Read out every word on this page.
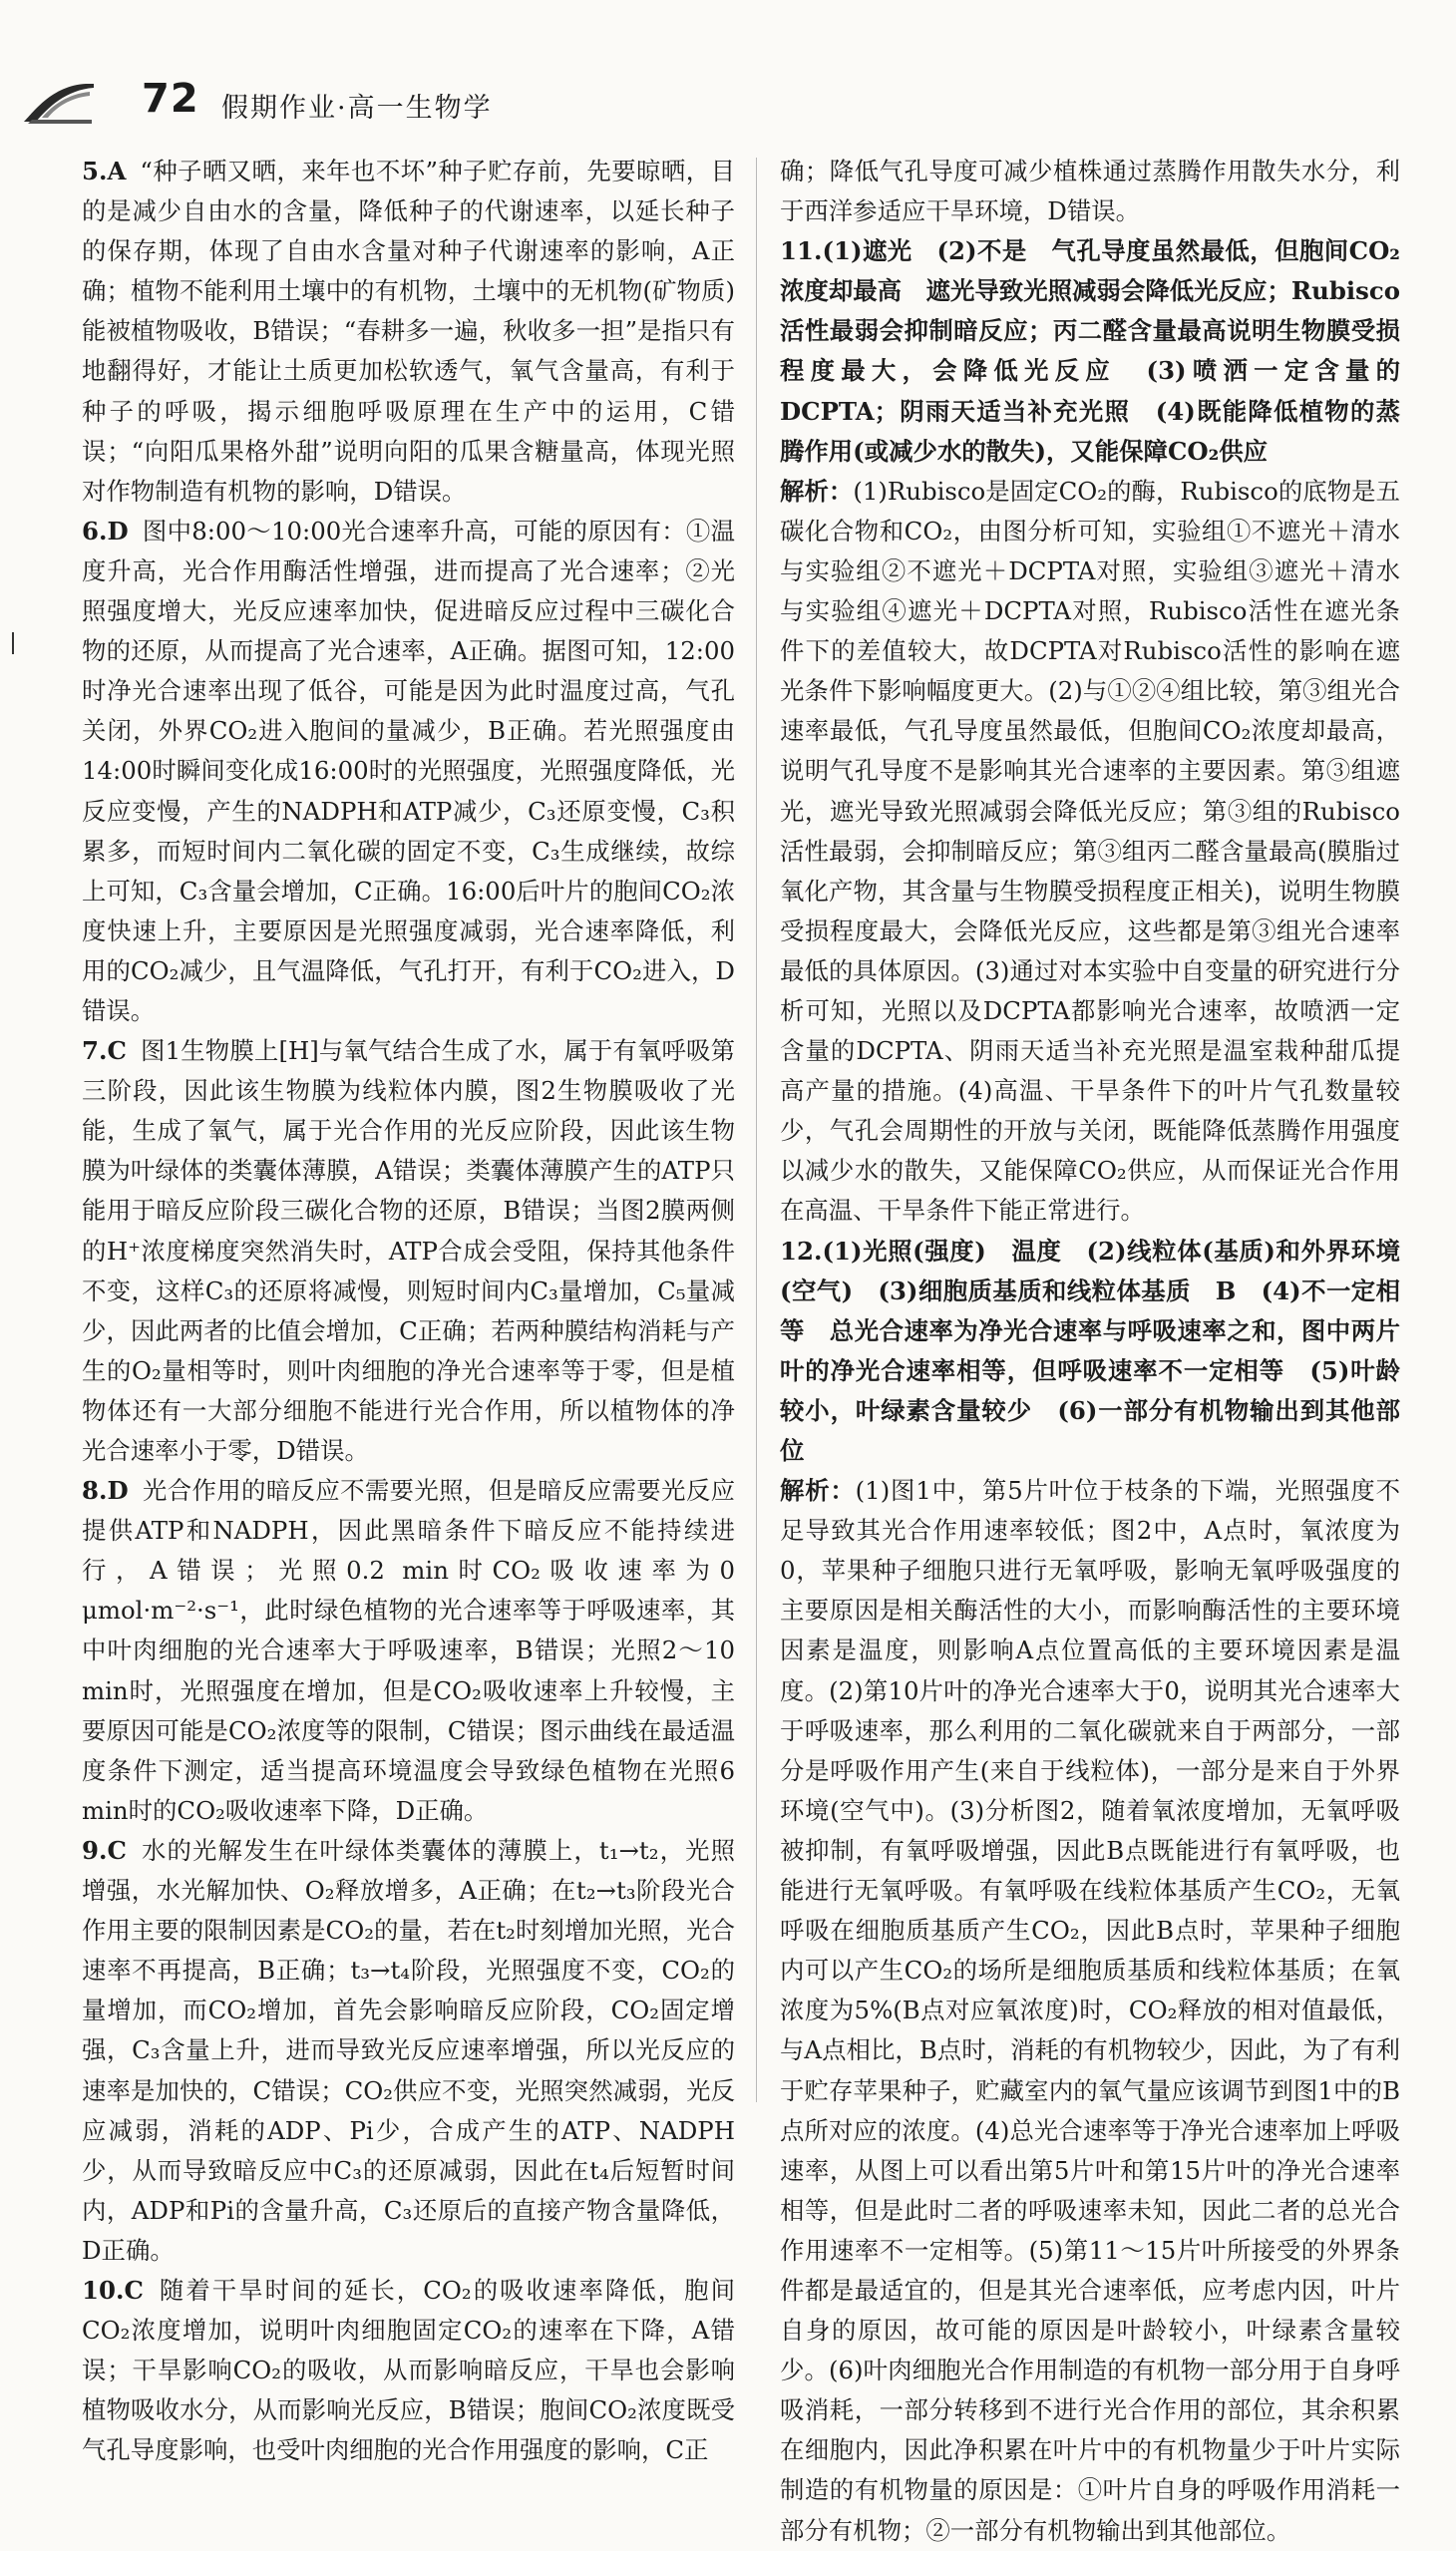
72 假期作业·高一生物学

5.A “种子晒又晒，来年也不坏”种子贮存前，先要晾晒，目的是减少自由水的含量，降低种子的代谢速率，以延长种子的保存期，体现了自由水含量对种子代谢速率的影响，A正确；植物不能利用土壤中的有机物，土壤中的无机物(矿物质)能被植物吸收，B错误；“春耕多一遍，秋收多一担”是指只有地翻得好，才能让土质更加松软透气，氧气含量高，有利于种子的呼吸，揭示细胞呼吸原理在生产中的运用，C错误；“向阳瓜果格外甜”说明向阳的瓜果含糖量高，体现光照对作物制造有机物的影响，D错误。

6.D 图中8:00～10:00光合速率升高，可能的原因有：①温度升高，光合作用酶活性增强，进而提高了光合速率；②光照强度增大，光反应速率加快，促进暗反应过程中三碳化合物的还原，从而提高了光合速率，A正确。据图可知，12:00时净光合速率出现了低谷，可能是因为此时温度过高，气孔关闭，外界CO₂进入胞间的量减少，B正确。若光照强度由14:00时瞬间变化成16:00时的光照强度，光照强度降低，光反应变慢，产生的NADPH和ATP减少，C₃还原变慢，C₃积累多，而短时间内二氧化碳的固定不变，C₃生成继续，故综上可知，C₃含量会增加，C正确。16:00后叶片的胞间CO₂浓度快速上升，主要原因是光照强度减弱，光合速率降低，利用的CO₂减少，且气温降低，气孔打开，有利于CO₂进入，D错误。

7.C 图1生物膜上[H]与氧气结合生成了水，属于有氧呼吸第三阶段，因此该生物膜为线粒体内膜，图2生物膜吸收了光能，生成了氧气，属于光合作用的光反应阶段，因此该生物膜为叶绿体的类囊体薄膜，A错误；类囊体薄膜产生的ATP只能用于暗反应阶段三碳化合物的还原，B错误；当图2膜两侧的H⁺浓度梯度突然消失时，ATP合成会受阻，保持其他条件不变，这样C₃的还原将减慢，则短时间内C₃量增加，C₅量减少，因此两者的比值会增加，C正确；若两种膜结构消耗与产生的O₂量相等时，则叶肉细胞的净光合速率等于零，但是植物体还有一大部分细胞不能进行光合作用，所以植物体的净光合速率小于零，D错误。

8.D 光合作用的暗反应不需要光照，但是暗反应需要光反应提供ATP和NADPH，因此黑暗条件下暗反应不能持续进行，A错误；光照0.2 min时CO₂吸收速率为0 μmol·m⁻²·s⁻¹，此时绿色植物的光合速率等于呼吸速率，其中叶肉细胞的光合速率大于呼吸速率，B错误；光照2～10 min时，光照强度在增加，但是CO₂吸收速率上升较慢，主要原因可能是CO₂浓度等的限制，C错误；图示曲线在最适温度条件下测定，适当提高环境温度会导致绿色植物在光照6 min时的CO₂吸收速率下降，D正确。

9.C 水的光解发生在叶绿体类囊体的薄膜上，t₁→t₂，光照增强，水光解加快、O₂释放增多，A正确；在t₂→t₃阶段光合作用主要的限制因素是CO₂的量，若在t₂时刻增加光照，光合速率不再提高，B正确；t₃→t₄阶段，光照强度不变，CO₂的量增加，而CO₂增加，首先会影响暗反应阶段，CO₂固定增强，C₃含量上升，进而导致光反应速率增强，所以光反应的速率是加快的，C错误；CO₂供应不变，光照突然减弱，光反应减弱，消耗的ADP、Pi少，合成产生的ATP、NADPH少，从而导致暗反应中C₃的还原减弱，因此在t₄后短暂时间内，ADP和Pi的含量升高，C₃还原后的直接产物含量降低，D正确。

10.C 随着干旱时间的延长，CO₂的吸收速率降低，胞间CO₂浓度增加，说明叶肉细胞固定CO₂的速率在下降，A错误；干旱影响CO₂的吸收，从而影响暗反应，干旱也会影响植物吸收水分，从而影响光反应，B错误；胞间CO₂浓度既受气孔导度影响，也受叶肉细胞的光合作用强度的影响，C正

确；降低气孔导度可减少植株通过蒸腾作用散失水分，利于西洋参适应干旱环境，D错误。

11.(1)遮光　(2)不是　气孔导度虽然最低，但胞间CO₂浓度却最高　遮光导致光照减弱会降低光反应；Rubisco活性最弱会抑制暗反应；丙二醛含量最高说明生物膜受损程度最大，会降低光反应　(3)喷洒一定含量的DCPTA；阴雨天适当补充光照　(4)既能降低植物的蒸腾作用(或减少水的散失)，又能保障CO₂供应

解析：(1)Rubisco是固定CO₂的酶，Rubisco的底物是五碳化合物和CO₂，由图分析可知，实验组①不遮光＋清水与实验组②不遮光＋DCPTA对照，实验组③遮光＋清水与实验组④遮光＋DCPTA对照，Rubisco活性在遮光条件下的差值较大，故DCPTA对Rubisco活性的影响在遮光条件下影响幅度更大。(2)与①②④组比较，第③组光合速率最低，气孔导度虽然最低，但胞间CO₂浓度却最高，说明气孔导度不是影响其光合速率的主要因素。第③组遮光，遮光导致光照减弱会降低光反应；第③组的Rubisco活性最弱，会抑制暗反应；第③组丙二醛含量最高(膜脂过氧化产物，其含量与生物膜受损程度正相关)，说明生物膜受损程度最大，会降低光反应，这些都是第③组光合速率最低的具体原因。(3)通过对本实验中自变量的研究进行分析可知，光照以及DCPTA都影响光合速率，故喷洒一定含量的DCPTA、阴雨天适当补充光照是温室栽种甜瓜提高产量的措施。(4)高温、干旱条件下的叶片气孔数量较少，气孔会周期性的开放与关闭，既能降低蒸腾作用强度以减少水的散失，又能保障CO₂供应，从而保证光合作用在高温、干旱条件下能正常进行。

12.(1)光照(强度)　温度　(2)线粒体(基质)和外界环境(空气)　(3)细胞质基质和线粒体基质　B　(4)不一定相等　总光合速率为净光合速率与呼吸速率之和，图中两片叶的净光合速率相等，但呼吸速率不一定相等　(5)叶龄较小，叶绿素含量较少　(6)一部分有机物输出到其他部位

解析：(1)图1中，第5片叶位于枝条的下端，光照强度不足导致其光合作用速率较低；图2中，A点时，氧浓度为0，苹果种子细胞只进行无氧呼吸，影响无氧呼吸强度的主要原因是相关酶活性的大小，而影响酶活性的主要环境因素是温度，则影响A点位置高低的主要环境因素是温度。(2)第10片叶的净光合速率大于0，说明其光合速率大于呼吸速率，那么利用的二氧化碳就来自于两部分，一部分是呼吸作用产生(来自于线粒体)，一部分是来自于外界环境(空气中)。(3)分析图2，随着氧浓度增加，无氧呼吸被抑制，有氧呼吸增强，因此B点既能进行有氧呼吸，也能进行无氧呼吸。有氧呼吸在线粒体基质产生CO₂，无氧呼吸在细胞质基质产生CO₂，因此B点时，苹果种子细胞内可以产生CO₂的场所是细胞质基质和线粒体基质；在氧浓度为5%(B点对应氧浓度)时，CO₂释放的相对值最低，与A点相比，B点时，消耗的有机物较少，因此，为了有利于贮存苹果种子，贮藏室内的氧气量应该调节到图1中的B点所对应的浓度。(4)总光合速率等于净光合速率加上呼吸速率，从图上可以看出第5片叶和第15片叶的净光合速率相等，但是此时二者的呼吸速率未知，因此二者的总光合作用速率不一定相等。(5)第11～15片叶所接受的外界条件都是最适宜的，但是其光合速率低，应考虑内因，叶片自身的原因，故可能的原因是叶龄较小，叶绿素含量较少。(6)叶肉细胞光合作用制造的有机物一部分用于自身呼吸消耗，一部分转移到不进行光合作用的部位，其余积累在细胞内，因此净积累在叶片中的有机物量少于叶片实际制造的有机物量的原因是：①叶片自身的呼吸作用消耗一部分有机物；②一部分有机物输出到其他部位。
